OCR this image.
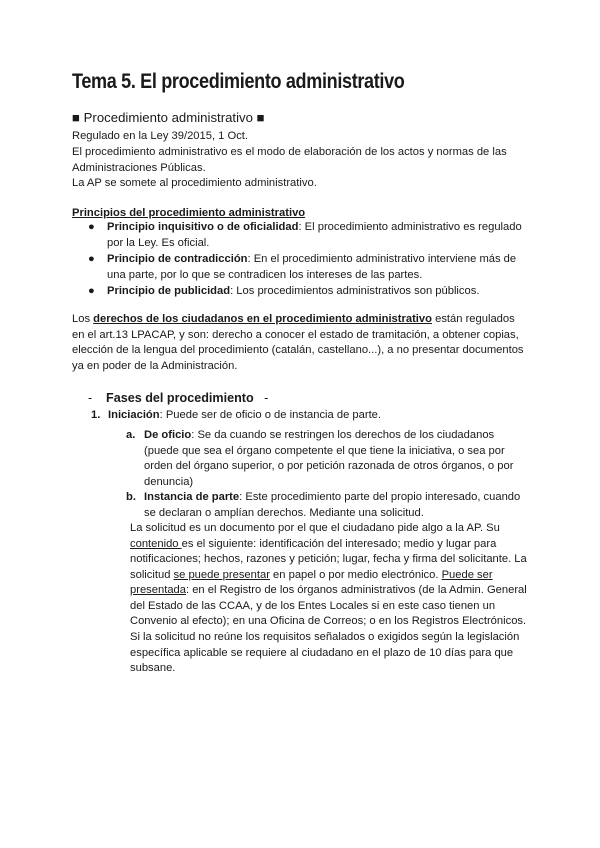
Tema 5. El procedimiento administrativo
■ Procedimiento administrativo ■

Regulado en la Ley 39/2015, 1 Oct.

El procedimiento administrativo es el modo de elaboración de los actos y normas de las Administraciones Públicas.

La AP se somete al procedimiento administrativo.

Principios del procedimiento administrativo

● Principio inquisitivo o de oficialidad: El procedimiento administrativo es regulado por la Ley. Es oficial.
● Principio de contradicción: En el procedimiento administrativo interviene más de una parte, por lo que se contradicen los intereses de las partes.
● Principio de publicidad: Los procedimientos administrativos son públicos.

Los derechos de los ciudadanos en el procedimiento administrativo están regulados en el art.13 LPACAP, y son: derecho a conocer el estado de tramitación, a obtener copias, elección de la lengua del procedimiento (catalán, castellano...), a no presentar documentos ya en poder de la Administración.

- Fases del procedimiento -
1. Iniciación: Puede ser de oficio o de instancia de parte.
a. De oficio: Se da cuando se restringen los derechos de los ciudadanos (puede que sea el órgano competente el que tiene la iniciativa, o sea por orden del órgano superior, o por petición razonada de otros órganos, o por denuncia)
b. Instancia de parte: Este procedimiento parte del propio interesado, cuando se declaran o amplían derechos. Mediante una solicitud.

La solicitud es un documento por el que el ciudadano pide algo a la AP. Su contenido es el siguiente: identificación del interesado; medio y lugar para notificaciones; hechos, razones y petición; lugar, fecha y firma del solicitante. La solicitud se puede presentar en papel o por medio electrónico. Puede ser presentada: en el Registro de los órganos administrativos (de la Admin. General del Estado de las CCAA, y de los Entes Locales si en este caso tienen un Convenio al efecto); en una Oficina de Correos; o en los Registros Electrónicos.

Si la solicitud no reúne los requisitos señalados o exigidos según la legislación específica aplicable se requiere al ciudadano en el plazo de 10 días para que subsane.
